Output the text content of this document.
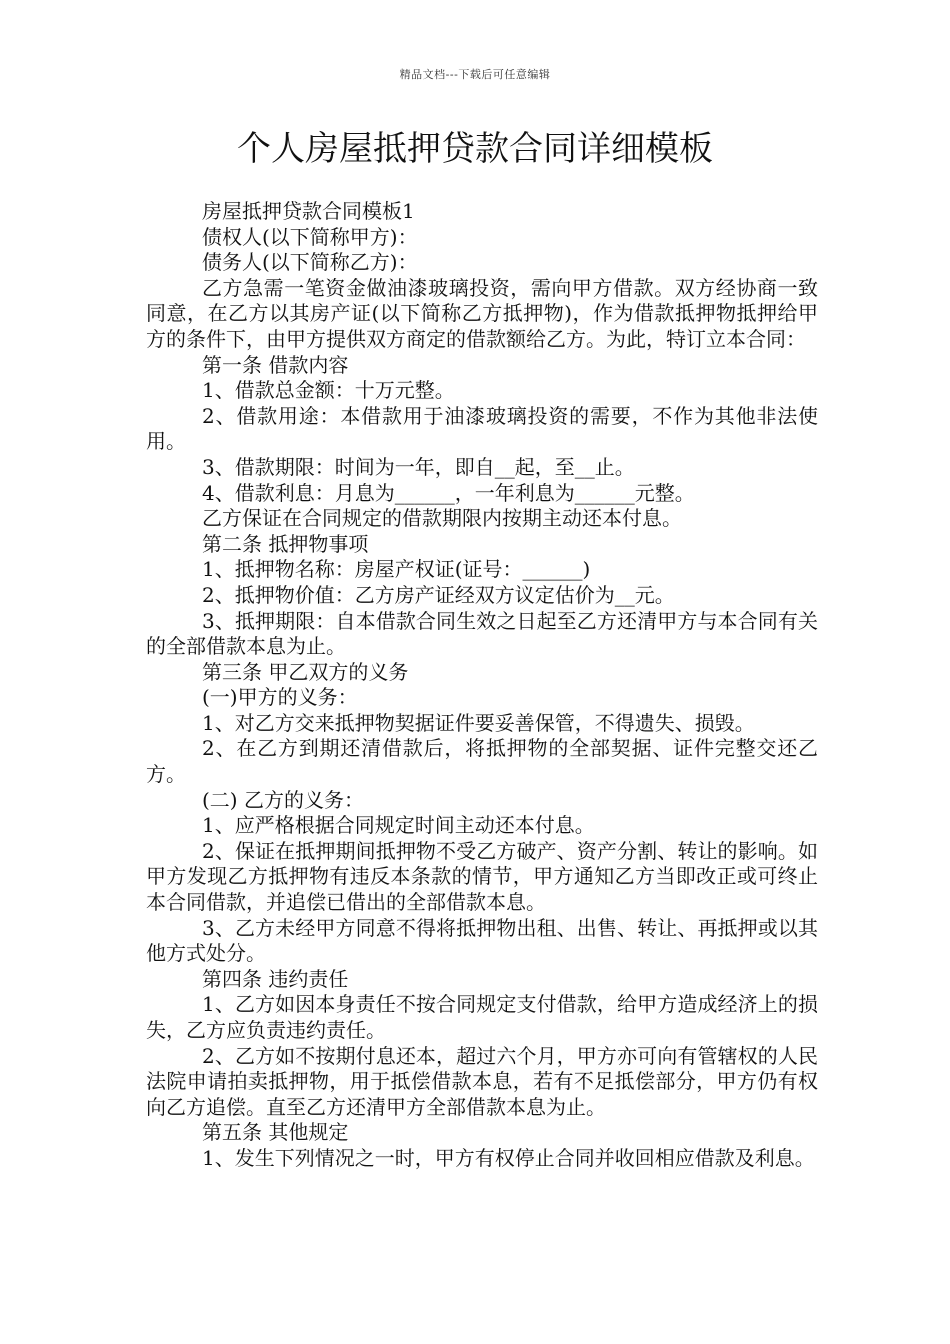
精品文档---下载后可任意编辑
个人房屋抵押贷款合同详细模板

房屋抵押贷款合同模板1

债权人(以下简称甲方)：

债务人(以下简称乙方)：

乙方急需一笔资金做油漆玻璃投资，需向甲方借款。双方经协商一致同意，在乙方以其房产证(以下简称乙方抵押物)，作为借款抵押物抵押给甲方的条件下，由甲方提供双方商定的借款额给乙方。为此，特订立本合同：

第一条 借款内容

1、借款总金额：十万元整。

2、借款用途：本借款用于油漆玻璃投资的需要，不作为其他非法使用。

3、借款期限：时间为一年，即自__起，至__止。

4、借款利息：月息为______，一年利息为______元整。

乙方保证在合同规定的借款期限内按期主动还本付息。

第二条 抵押物事项

1、抵押物名称：房屋产权证(证号：______)

2、抵押物价值：乙方房产证经双方议定估价为__元。

3、抵押期限：自本借款合同生效之日起至乙方还清甲方与本合同有关的全部借款本息为止。

第三条 甲乙双方的义务

(一)甲方的义务：

1、对乙方交来抵押物契据证件要妥善保管，不得遗失、损毁。

2、在乙方到期还清借款后，将抵押物的全部契据、证件完整交还乙方。

(二) 乙方的义务：

1、应严格根据合同规定时间主动还本付息。

2、保证在抵押期间抵押物不受乙方破产、资产分割、转让的影响。如甲方发现乙方抵押物有违反本条款的情节，甲方通知乙方当即改正或可终止本合同借款，并追偿已借出的全部借款本息。

3、乙方未经甲方同意不得将抵押物出租、出售、转让、再抵押或以其他方式处分。

第四条 违约责任

1、乙方如因本身责任不按合同规定支付借款，给甲方造成经济上的损失，乙方应负责违约责任。

2、乙方如不按期付息还本，超过六个月，甲方亦可向有管辖权的人民法院申请拍卖抵押物，用于抵偿借款本息，若有不足抵偿部分，甲方仍有权向乙方追偿。直至乙方还清甲方全部借款本息为止。

第五条 其他规定

1、发生下列情况之一时，甲方有权停止合同并收回相应借款及利息。
